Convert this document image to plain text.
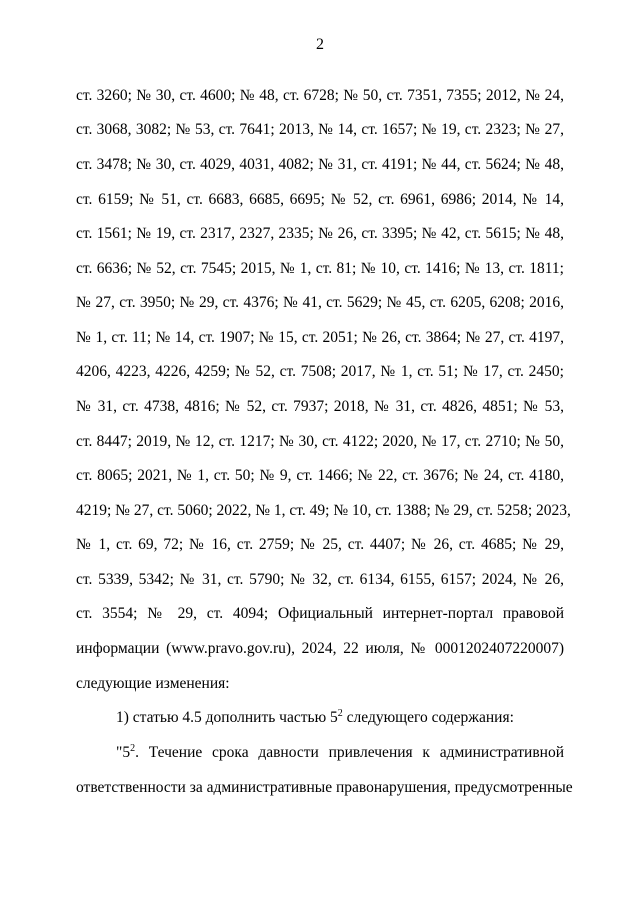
2
ст. 3260; № 30, ст. 4600; № 48, ст. 6728; № 50, ст. 7351, 7355; 2012, № 24,
ст. 3068, 3082; № 53, ст. 7641; 2013, № 14, ст. 1657; № 19, ст. 2323; № 27,
ст. 3478; № 30, ст. 4029, 4031, 4082; № 31, ст. 4191; № 44, ст. 5624; № 48,
ст. 6159; № 51, ст. 6683, 6685, 6695; № 52, ст. 6961, 6986; 2014, № 14,
ст. 1561; № 19, ст. 2317, 2327, 2335; № 26, ст. 3395; № 42, ст. 5615; № 48,
ст. 6636; № 52, ст. 7545; 2015, № 1, ст. 81; № 10, ст. 1416; № 13, ст. 1811;
№ 27, ст. 3950; № 29, ст. 4376; № 41, ст. 5629; № 45, ст. 6205, 6208; 2016,
№ 1, ст. 11; № 14, ст. 1907; № 15, ст. 2051; № 26, ст. 3864; № 27, ст. 4197,
4206, 4223, 4226, 4259; № 52, ст. 7508; 2017, № 1, ст. 51; № 17, ст. 2450;
№ 31, ст. 4738, 4816; № 52, ст. 7937; 2018, № 31, ст. 4826, 4851; № 53,
ст. 8447; 2019, № 12, ст. 1217; № 30, ст. 4122; 2020, № 17, ст. 2710; № 50,
ст. 8065; 2021, № 1, ст. 50; № 9, ст. 1466; № 22, ст. 3676; № 24, ст. 4180,
4219; № 27, ст. 5060; 2022, № 1, ст. 49; № 10, ст. 1388; № 29, ст. 5258; 2023,
№ 1, ст. 69, 72; № 16, ст. 2759; № 25, ст. 4407; № 26, ст. 4685; № 29,
ст. 5339, 5342; № 31, ст. 5790; № 32, ст. 6134, 6155, 6157; 2024, № 26,
ст. 3554; № 29, ст. 4094; Официальный интернет-портал правовой
информации (www.pravo.gov.ru), 2024, 22 июля, № 0001202407220007)
следующие изменения:
1) статью 4.5 дополнить частью $5^2$ следующего содержания:
"$5^2$. Течение срока давности привлечения к административной
ответственности за административные правонарушения, предусмотренные
